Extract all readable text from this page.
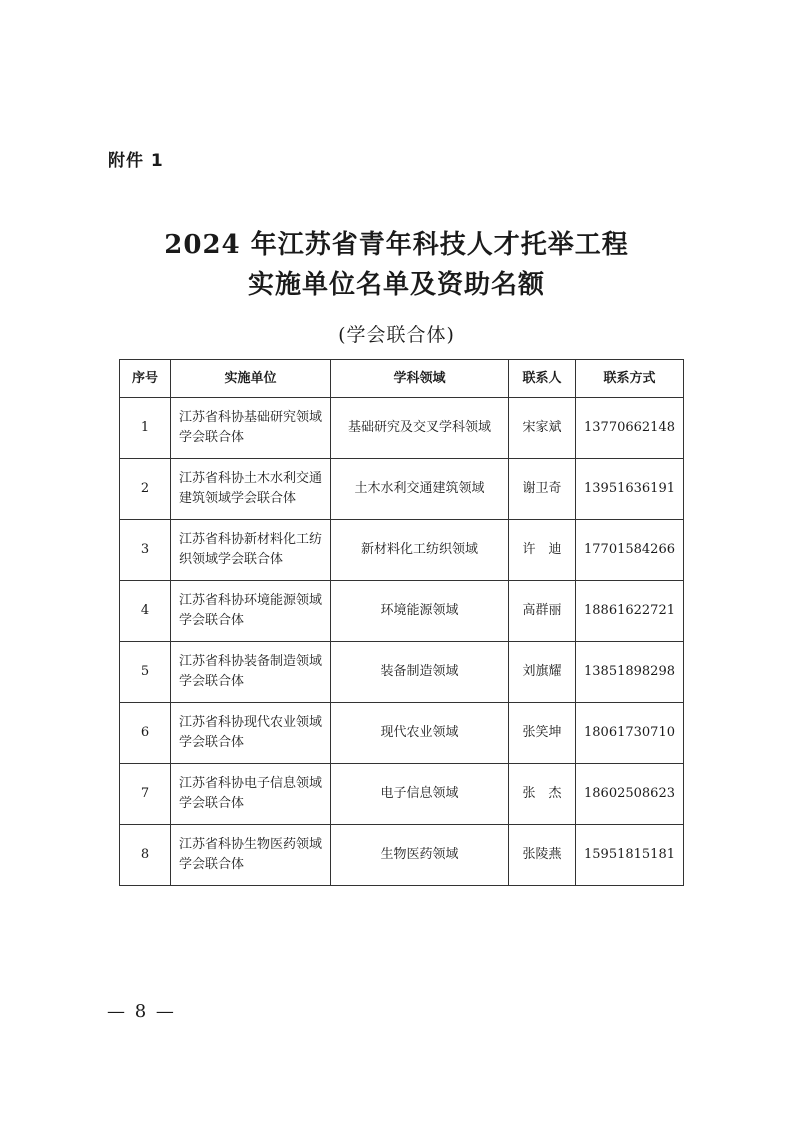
附件 1
2024 年江苏省青年科技人才托举工程
实施单位名单及资助名额
(学会联合体)
序号	实施单位	学科领域	联系人	联系方式
1	江苏省科协基础研究领域学会联合体	基础研究及交叉学科领域	宋家斌	13770662148
2	江苏省科协土木水利交通建筑领域学会联合体	土木水利交通建筑领域	谢卫奇	13951636191
3	江苏省科协新材料化工纺织领域学会联合体	新材料化工纺织领域	许　迪	17701584266
4	江苏省科协环境能源领域学会联合体	环境能源领域	高群丽	18861622721
5	江苏省科协装备制造领域学会联合体	装备制造领域	刘旗耀	13851898298
6	江苏省科协现代农业领域学会联合体	现代农业领域	张笑坤	18061730710
7	江苏省科协电子信息领域学会联合体	电子信息领域	张　杰	18602508623
8	江苏省科协生物医药领域学会联合体	生物医药领域	张陵燕	15951815181
— 8 —
